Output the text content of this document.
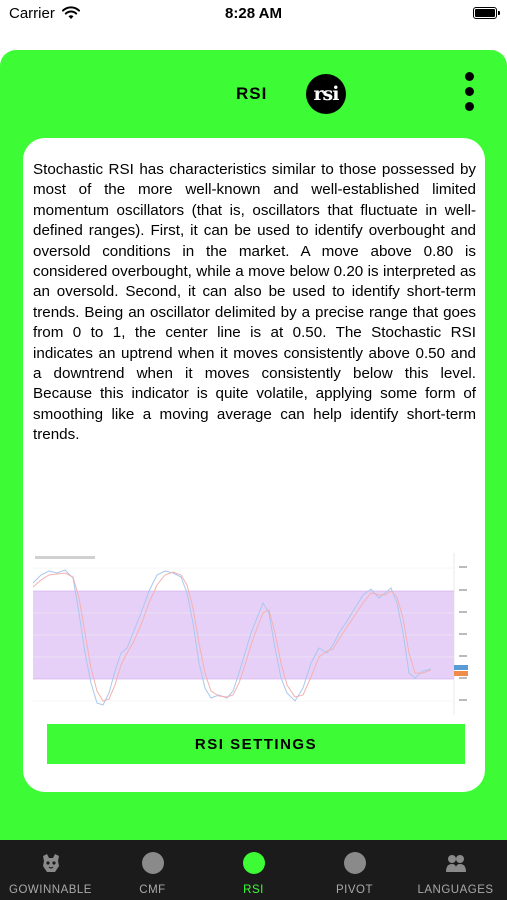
Carrier	8:28 AM
RSI rsi

Stochastic RSI has characteristics similar to those possessed by most of the more well-known and well-established limited momentum oscillators (that is, oscillators that fluctuate in well-defined ranges). First, it can be used to identify overbought and oversold conditions in the market. A move above 0.80 is considered overbought, while a move below 0.20 is interpreted as an oversold. Second, it can also be used to identify short-term trends. Being an oscillator delimited by a precise range that goes from 0 to 1, the center line is at 0.50. The Stochastic RSI indicates an uptrend when it moves consistently above 0.50 and a downtrend when it moves consistently below this level. Because this indicator is quite volatile, applying some form of smoothing like a moving average can help identify short-term trends.

RSI SETTINGS
GOWINNABLE	CMF	RSI	PIVOT	LANGUAGES
